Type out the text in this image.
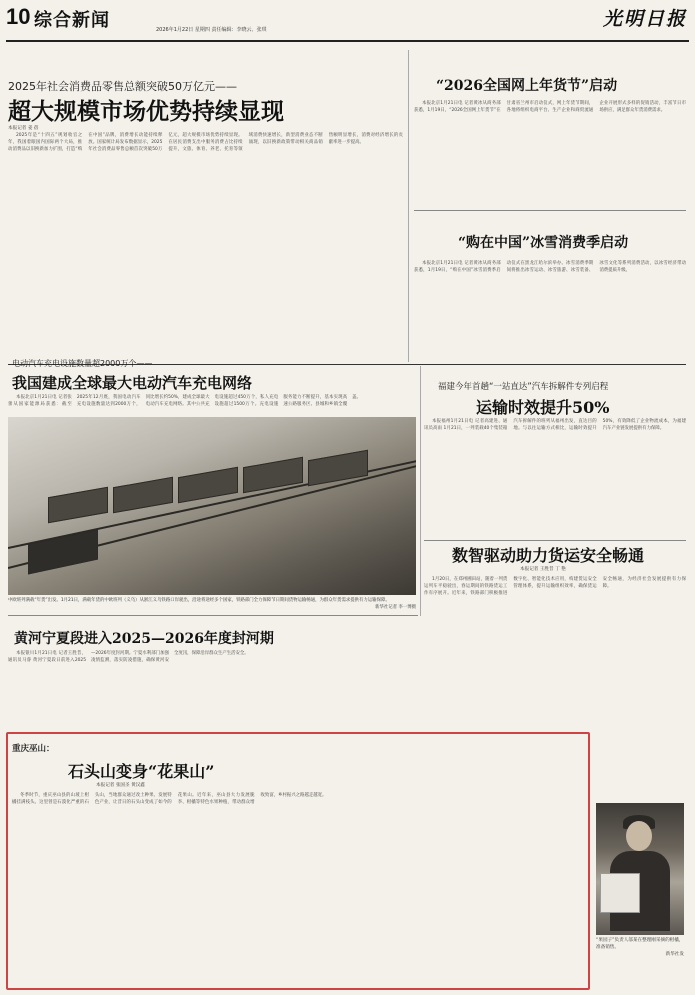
10 综合新闻	2026年1月22日 星期四 责任编辑：李晓云、张琪	光明日报
2025年社会消费品零售总额突破50万亿元——
超大规模市场优势持续显现
本报记者 姜 蓓

2025年是“十四五”规划收官之年，我国着眼国内国际两个大局，推动消费品以旧换新加力扩围，打造“购在中国”品牌，消费增长动能持续释放。国家统计局发布数据显示，2025年社会消费品零售总额首次突破50万亿元，超大规模市场优势持续显现。在居民消费支出中服务消费占比持续提升，文旅、体育、养老、托育等领域消费快速增长，新型消费业态不断涌现，以旧换新政策带动相关商品销售额明显增长，消费对经济增长的贡献率进一步提高。

“2026全国网上年货节”启动

本报北京1月21日电 记者黄冰从商务部获悉，1月19日，“2026全国网上年货节”在甘肃省兰州市启动仪式，网上年货节期间，各地将组织电商平台、生产企业和商贸流通企业开展形式多样的促销活动，丰富节日市场供应，满足群众年货消费需求。

“购在中国”冰雪消费季启动

本报北京1月21日电 记者黄冰从商务部获悉，1月19日，“购在中国”冰雪消费季启动仪式在黑龙江哈尔滨举办。冰雪消费季期间将推出冰雪运动、冰雪旅游、冰雪装备、冰雪文化等系列消费活动，以冰雪经济带动消费提质升级。

电动汽车充电设施数量超2000万个——
我国建成全球最大电动汽车充电网络

本报北京1月21日电 记者张蕾从国家能源局获悉：截至2025年12月底，我国电动汽车充电设施数量达到2000万个，同比增长约50%，建成全球最大电动汽车充电网络。其中公共充电设施超过450万个，私人充电设施超过1500万个。充电设施服务能力不断提升，基本实现高速公路服务区、县城和乡镇全覆盖。

中欧班列满载“年货”出发。1月21日，满载年货的中欧班列（义乌）从浙江义乌铁路口岸驶出，沿途将途经多个国家，铁路部门全力保障节日期间货物运输畅通，为群众年货需求提供有力运输保障。
新华社记者 李一博摄
福建今年首趟“一站直达”汽车拆解件专列启程
运输时效提升50%

本报福州1月21日电 记者高建进、通讯员高雨 1月21日，一列装载40个集装箱汽车拆解件的班列从福州出发，直达目的地。与以往运输方式相比，运输时效提升50%，有效降低了企业物流成本，为福建汽车产业链发展提供有力保障。

数智驱动助力货运安全畅通
本报记者 王胜昔 丁 艳

1月20日，在郑州圃田站，随着一列货运列车平稳驶出，春运期间的铁路货运工作有序展开。近年来，铁路部门积极推进数字化、智能化技术应用，构建货运安全管理体系，提升运输组织效率，确保货运安全畅通，为经济社会发展提供有力保障。

黄河宁夏段进入2025—2026年度封河期

本报银川1月21日电 记者王胜昔，通讯员马睿 黄河宁夏段日前进入2025—2026年度封河期。宁夏水利部门加强凌情监测，落实防凌措施，确保黄河安全度汛，保障沿岸群众生产生活安全。

重庆巫山：
石头山变身“花果山”
本报记者 张国圣 黄汉鑫

冬季时节，重庆巫山县的山坡上柑橘挂满枝头。这里曾是石漠化严重的石头山，当地群众通过改土种果、发展特色产业，让昔日的石头山变成了如今的花果山。近年来，巫山县大力发展脆李、柑橘等特色水果种植，带动群众增收致富，乡村振兴之路越走越宽。

“果园子”负责人邬某在整理刚采摘的柑橘，准备销售。
新华社发
